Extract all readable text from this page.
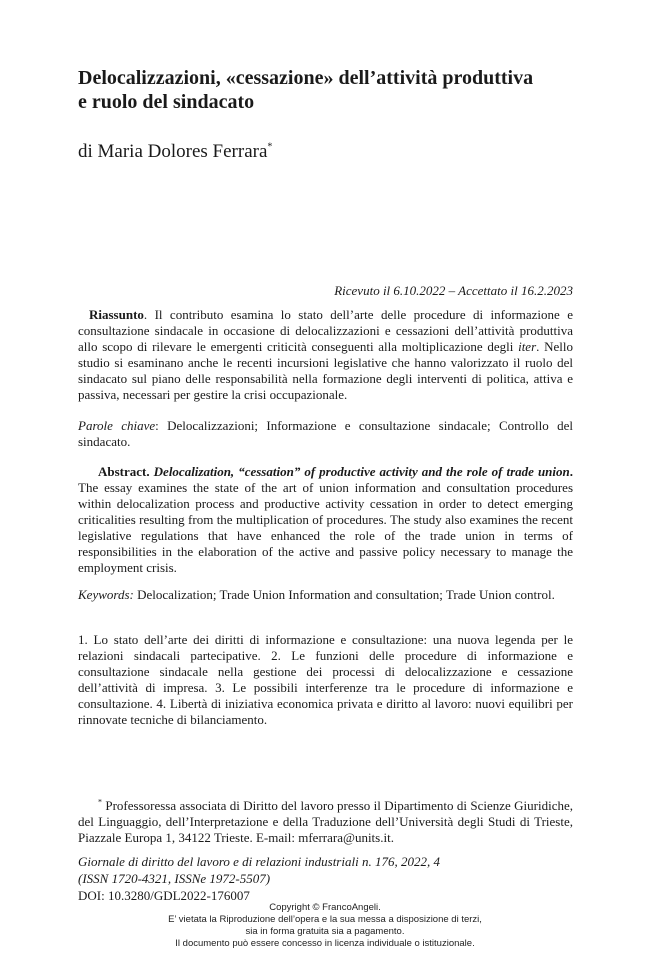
Delocalizzazioni, «cessazione» dell’attività produttiva
e ruolo del sindacato
di Maria Dolores Ferrara*
Ricevuto il 6.10.2022 – Accettato il 16.2.2023
Riassunto. Il contributo esamina lo stato dell’arte delle procedure di informazione e consultazione sindacale in occasione di delocalizzazioni e cessazioni dell’attività produttiva allo scopo di rilevare le emergenti criticità conseguenti alla moltiplicazione degli iter. Nello studio si esaminano anche le recenti incursioni legislative che hanno valorizzato il ruolo del sindacato sul piano delle responsabilità nella formazione degli interventi di politica, attiva e passiva, necessari per gestire la crisi occupazionale.
Parole chiave: Delocalizzazioni; Informazione e consultazione sindacale; Controllo del sindacato.
Abstract. Delocalization, “cessation” of productive activity and the role of trade union. The essay examines the state of the art of union information and consultation procedures within delocalization process and productive activity cessation in order to detect emerging criticalities resulting from the multiplication of procedures. The study also examines the recent legislative regulations that have enhanced the role of the trade union in terms of responsibilities in the elaboration of the active and passive policy necessary to manage the employment crisis.
Keywords: Delocalization; Trade Union Information and consultation; Trade Union control.
1. Lo stato dell’arte dei diritti di informazione e consultazione: una nuova legenda per le relazioni sindacali partecipative. 2. Le funzioni delle procedure di informazione e consultazione sindacale nella gestione dei processi di delocalizzazione e cessazione dell’attività di impresa. 3. Le possibili interferenze tra le procedure di informazione e consultazione. 4. Libertà di iniziativa economica privata e diritto al lavoro: nuovi equilibri per rinnovate tecniche di bilanciamento.
* Professoressa associata di Diritto del lavoro presso il Dipartimento di Scienze Giuridiche, del Linguaggio, dell’Interpretazione e della Traduzione dell’Università degli Studi di Trieste, Piazzale Europa 1, 34122 Trieste. E-mail: mferrara@units.it.
Giornale di diritto del lavoro e di relazioni industriali n. 176, 2022, 4
(ISSN 1720-4321, ISSNe 1972-5507)
DOI: 10.3280/GDL2022-176007
Copyright © FrancoAngeli.
E’ vietata la Riproduzione dell’opera e la sua messa a disposizione di terzi,
sia in forma gratuita sia a pagamento.
Il documento può essere concesso in licenza individuale o istituzionale.
